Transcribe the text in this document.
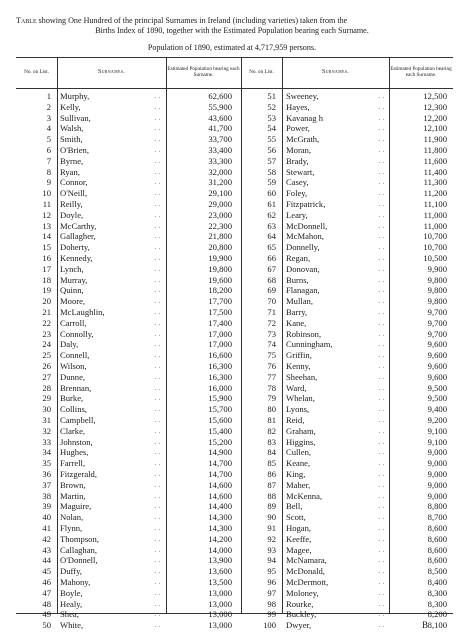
Table showing One Hundred of the principal Surnames in Ireland (including varieties) taken from the
Births Index of 1890, together with the Estimated Population bearing each Surname.
Population of 1890, estimated at 4,717,959 persons.
No. on List.	Surnames.	Estimated Population bearing each Surname.	No. on List.	Surnames.	Estimated Population bearing each Surname.
1 Murphy,	. .	62,600
2 Kelly,	. .	55,900
3 Sullivan,	. .	43,600
4 Walsh,	. .	41,700
5 Smith,	. .	33,700
6 O'Brien,	. .	33,400
7 Byrne,	. .	33,300
8 Ryan,	. .	32,000
9 Connor,	. .	31,200
10 O'Neill,	. .	29,100
11 Reilly,	. .	29,000
12 Doyle,	. .	23,000
13 McCarthy,	. .	22,300
14 Gallagher,	. .	21,800
15 Doherty,	. .	20,800
16 Kennedy,	. .	19,900
17 Lynch,	. .	19,800
18 Murray,	. .	19,600
19 Quinn,	. .	18,200
20 Moore,	. .	17,700
21 McLaughlin,	. .	17,500
22 Carroll,	. .	17,400
23 Connolly,	. .	17,000
24 Daly,	. .	17,000
25 Connell,	. .	16,600
26 Wilson,	. .	16,300
27 Dunne,	. .	16,300
28 Brennan,	. .	16,000
29 Burke,	. .	15,900
30 Collins,	. .	15,700
31 Campbell,	. .	15,600
32 Clarke,	. .	15,400
33 Johnston,	. .	15,200
34 Hughes,	. .	14,900
35 Farrell,	. .	14,700
36 Fitzgerald,	. .	14,700
37 Brown,	. .	14,600
38 Martin,	. .	14,600
39 Maguire,	. .	14,400
40 Nolan,	. .	14,300
41 Flynn,	. .	14,300
42 Thompson,	. .	14,200
43 Callaghan,	. .	14,000
44 O'Donnell,	. .	13,900
45 Duffy,	. .	13,600
46 Mahony,	. .	13,500
47 Boyle,	. .	13,000
48 Healy,	. .	13,000
49 Shea,	. .	13,000
50 White,	. .	13,000
51 Sweeney,	. .	12,500
52 Hayes,	. .	12,300
53 Kavanag h	. .	12,200
54 Power,	. .	12,100
55 McGrath,	. .	11,900
56 Moran,	. .	11,800
57 Brady,	. .	11,600
58 Stewart,	. .	11,400
59 Casey,	. .	11,300
60 Foley,	. .	11,200
61 Fitzpatrick,	. .	11,100
62 Leary,	. .	11,000
63 McDonnell,	. .	11,000
64 McMahon,	. .	10,700
65 Donnelly,	. .	10,700
66 Regan,	. .	10,500
67 Donovan,	. .	9,900
68 Burns,	. .	9,800
69 Flanagan,	. .	9,800
70 Mullan,	. .	9,800
71 Barry,	. .	9,700
72 Kane,	. .	9,700
73 Robinson,	. .	9,700
74 Cunningham,	. .	9,600
75 Griffin,	. .	9,600
76 Kenny,	. .	9,600
77 Sheehan,	. .	9,600
78 Ward,	. .	9,500
79 Whelan,	. .	9,500
80 Lyons,	. .	9,400
81 Reid,	. .	9,200
82 Graham,	. .	9,100
83 Higgins,	. .	9,100
84 Cullen,	. .	9,000
85 Keane,	. .	9,000
86 King,	. .	9,000
87 Maher,	. .	9,000
88 McKenna,	. .	9,000
89 Bell,	. .	8,800
90 Scott,	. .	8,700
91 Hogan,	. .	8,600
92 Keeffe,	. .	8,600
93 Magee,	. .	8,600
94 McNamara,	. .	8,600
95 McDonald,	. .	8,500
96 McDermott,	. .	8,400
97 Moloney,	. .	8,300
98 Rourke,	. .	8,300
99 Buckley,	. .	8,200
100 Dwyer,	. .	8,100
B
